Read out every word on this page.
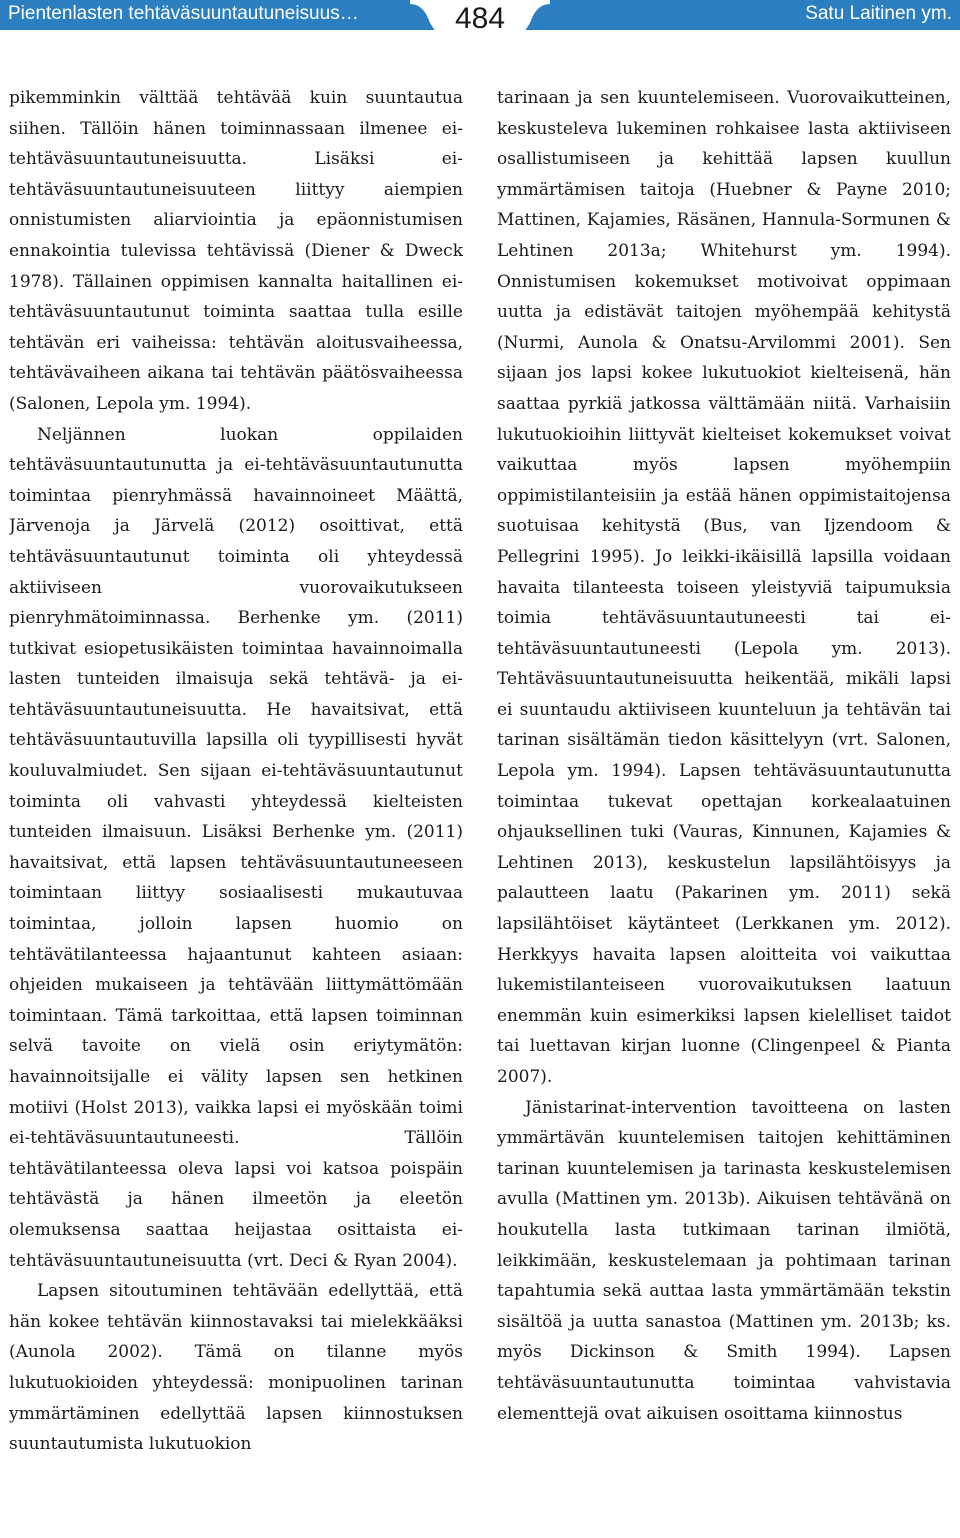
Pientenlasten tehtäväsuuntautuneisuus…	Satu Laitinen ym.
484

pikemminkin välttää tehtävää kuin suuntautua siihen. Tällöin hänen toiminnassaan ilmenee ei-tehtäväsuuntautuneisuutta. Lisäksi ei-tehtäväsuuntautuneisuuteen liittyy aiempien onnistumisten aliarviointia ja epäonnistumisen ennakointia tulevissa tehtävissä (Diener & Dweck 1978). Tällainen oppimisen kannalta haitallinen ei-tehtäväsuuntautunut toiminta saattaa tulla esille tehtävän eri vaiheissa: tehtävän aloitusvaiheessa, tehtävävaiheen aikana tai tehtävän päätösvaiheessa (Salonen, Lepola ym. 1994).

Neljännen luokan oppilaiden tehtäväsuuntautunutta ja ei-tehtäväsuuntautunutta toimintaa pienryhmässä havainnoineet Määttä, Järvenoja ja Järvelä (2012) osoittivat, että tehtäväsuuntautunut toiminta oli yhteydessä aktiiviseen vuorovaikutukseen pienryhmätoiminnassa. Berhenke ym. (2011) tutkivat esiopetusikäisten toimintaa havainnoimalla lasten tunteiden ilmaisuja sekä tehtävä- ja ei-tehtäväsuuntautuneisuutta. He havaitsivat, että tehtäväsuuntautuvilla lapsilla oli tyypillisesti hyvät kouluvalmiudet. Sen sijaan ei-tehtäväsuuntautunut toiminta oli vahvasti yhteydessä kielteisten tunteiden ilmaisuun. Lisäksi Berhenke ym. (2011) havaitsivat, että lapsen tehtäväsuuntautuneeseen toimintaan liittyy sosiaalisesti mukautuvaa toimintaa, jolloin lapsen huomio on tehtävätilanteessa hajaantunut kahteen asiaan: ohjeiden mukaiseen ja tehtävään liittymättömään toimintaan. Tämä tarkoittaa, että lapsen toiminnan selvä tavoite on vielä osin eriytymätön: havainnoitsijalle ei välity lapsen sen hetkinen motiivi (Holst 2013), vaikka lapsi ei myöskään toimi ei-tehtäväsuuntautuneesti. Tällöin tehtävätilanteessa oleva lapsi voi katsoa poispäin tehtävästä ja hänen ilmeetön ja eleetön olemuksensa saattaa heijastaa osittaista ei-tehtäväsuuntautuneisuutta (vrt. Deci & Ryan 2004).

Lapsen sitoutuminen tehtävään edellyttää, että hän kokee tehtävän kiinnostavaksi tai mielekkääksi (Aunola 2002). Tämä on tilanne myös lukutuokioiden yhteydessä: monipuolinen tarinan ymmärtäminen edellyttää lapsen kiinnostuksen suuntautumista lukutuokion

tarinaan ja sen kuuntelemiseen. Vuorovaikutteinen, keskusteleva lukeminen rohkaisee lasta aktiiviseen osallistumiseen ja kehittää lapsen kuullun ymmärtämisen taitoja (Huebner & Payne 2010; Mattinen, Kajamies, Räsänen, Hannula-Sormunen & Lehtinen 2013a; Whitehurst ym. 1994). Onnistumisen kokemukset motivoivat oppimaan uutta ja edistävät taitojen myöhempää kehitystä (Nurmi, Aunola & Onatsu-Arvilommi 2001). Sen sijaan jos lapsi kokee lukutuokiot kielteisenä, hän saattaa pyrkiä jatkossa välttämään niitä. Varhaisiin lukutuokioihin liittyvät kielteiset kokemukset voivat vaikuttaa myös lapsen myöhempiin oppimistilanteisiin ja estää hänen oppimistaitojensa suotuisaa kehitystä (Bus, van Ijzendoom & Pellegrini 1995). Jo leikki-ikäisillä lapsilla voidaan havaita tilanteesta toiseen yleistyviä taipumuksia toimia tehtäväsuuntautuneesti tai ei-tehtäväsuuntautuneesti (Lepola ym. 2013). Tehtäväsuuntautuneisuutta heikentää, mikäli lapsi ei suuntaudu aktiiviseen kuunteluun ja tehtävän tai tarinan sisältämän tiedon käsittelyyn (vrt. Salonen, Lepola ym. 1994). Lapsen tehtäväsuuntautunutta toimintaa tukevat opettajan korkealaatuinen ohjauksellinen tuki (Vauras, Kinnunen, Kajamies & Lehtinen 2013), keskustelun lapsilähtöisyys ja palautteen laatu (Pakarinen ym. 2011) sekä lapsilähtöiset käytänteet (Lerkkanen ym. 2012). Herkkyys havaita lapsen aloitteita voi vaikuttaa lukemistilanteiseen vuorovaikutuksen laatuun enemmän kuin esimerkiksi lapsen kielelliset taidot tai luettavan kirjan luonne (Clingenpeel & Pianta 2007).

Jänistarinat-intervention tavoitteena on lasten ymmärtävän kuuntelemisen taitojen kehittäminen tarinan kuuntelemisen ja tarinasta keskustelemisen avulla (Mattinen ym. 2013b). Aikuisen tehtävänä on houkutella lasta tutkimaan tarinan ilmiötä, leikkimään, keskustelemaan ja pohtimaan tarinan tapahtumia sekä auttaa lasta ymmärtämään tekstin sisältöä ja uutta sanastoa (Mattinen ym. 2013b; ks. myös Dickinson & Smith 1994). Lapsen tehtäväsuuntautunutta toimintaa vahvistavia elementtejä ovat aikuisen osoittama kiinnostus
